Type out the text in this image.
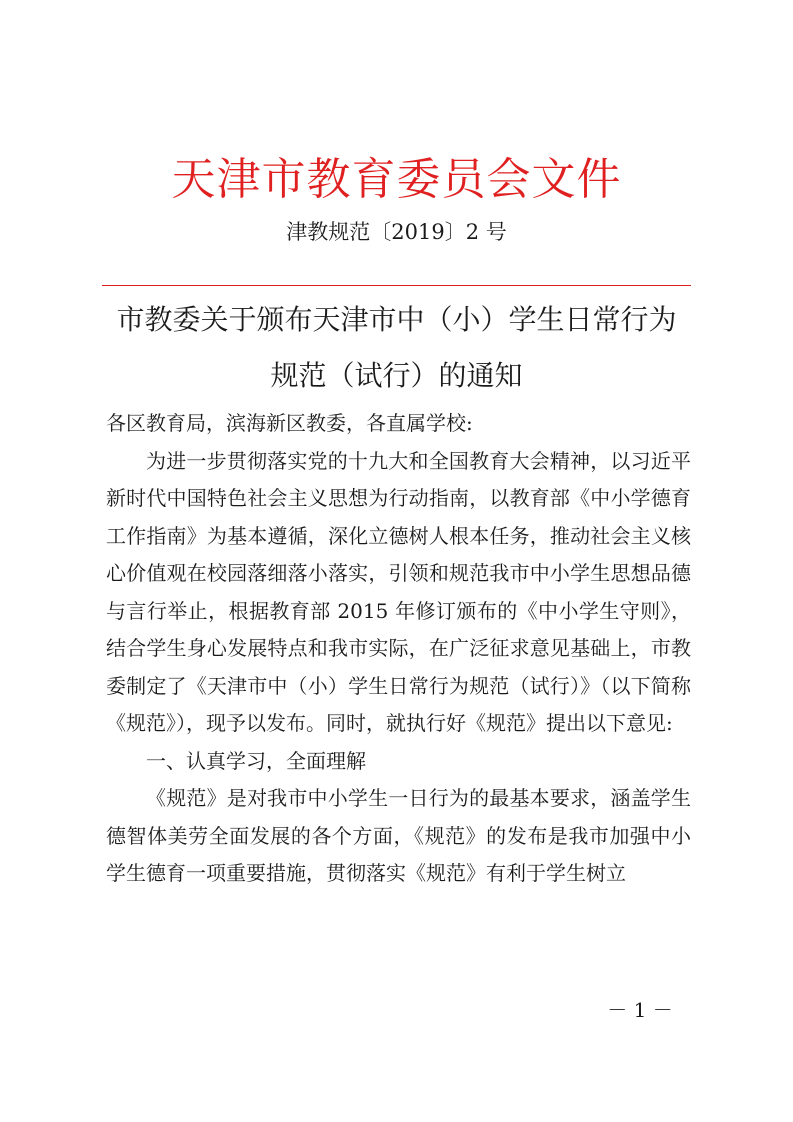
天津市教育委员会文件
津教规范〔2019〕2 号
市教委关于颁布天津市中（小）学生日常行为
规范（试行）的通知

各区教育局，滨海新区教委，各直属学校:

为进一步贯彻落实党的十九大和全国教育大会精神，以习近平新时代中国特色社会主义思想为行动指南，以教育部《中小学德育工作指南》为基本遵循，深化立德树人根本任务，推动社会主义核心价值观在校园落细落小落实，引领和规范我市中小学生思想品德与言行举止，根据教育部 2015 年修订颁布的《中小学生守则》，结合学生身心发展特点和我市实际，在广泛征求意见基础上，市教委制定了《天津市中（小）学生日常行为规范（试行）》（以下简称《规范》），现予以发布。同时，就执行好《规范》提出以下意见:

一、认真学习，全面理解

《规范》是对我市中小学生一日行为的最基本要求，涵盖学生德智体美劳全面发展的各个方面，《规范》的发布是我市加强中小学生德育一项重要措施，贯彻落实《规范》有利于学生树立

－ 1 －
